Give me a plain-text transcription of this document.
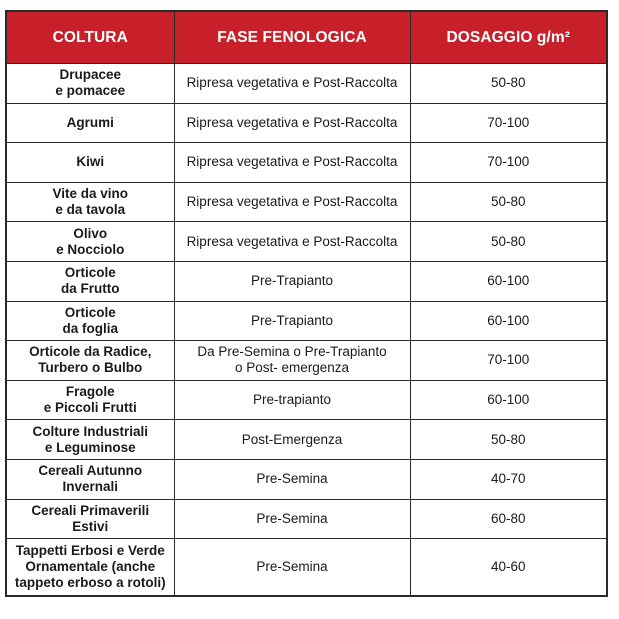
COLTURA	FASE FENOLOGICA	DOSAGGIO g/m²
Drupacee
e pomacee	Ripresa vegetativa e Post-Raccolta	50-80
Agrumi	Ripresa vegetativa e Post-Raccolta	70-100
Kiwi	Ripresa vegetativa e Post-Raccolta	70-100
Vite da vino
e da tavola	Ripresa vegetativa e Post-Raccolta	50-80
Olivo
e Nocciolo	Ripresa vegetativa e Post-Raccolta	50-80
Orticole
da Frutto	Pre-Trapianto	60-100
Orticole
da foglia	Pre-Trapianto	60-100
Orticole da Radice,
Turbero o Bulbo	Da Pre-Semina o Pre-Trapianto
o Post- emergenza	70-100
Fragole
e Piccoli Frutti	Pre-trapianto	60-100
Colture Industriali
e Leguminose	Post-Emergenza	50-80
Cereali Autunno
Invernali	Pre-Semina	40-70
Cereali Primaverili
Estivi	Pre-Semina	60-80
Tappetti Erbosi e Verde
Ornamentale (anche
tappeto erboso a rotoli)	Pre-Semina	40-60
